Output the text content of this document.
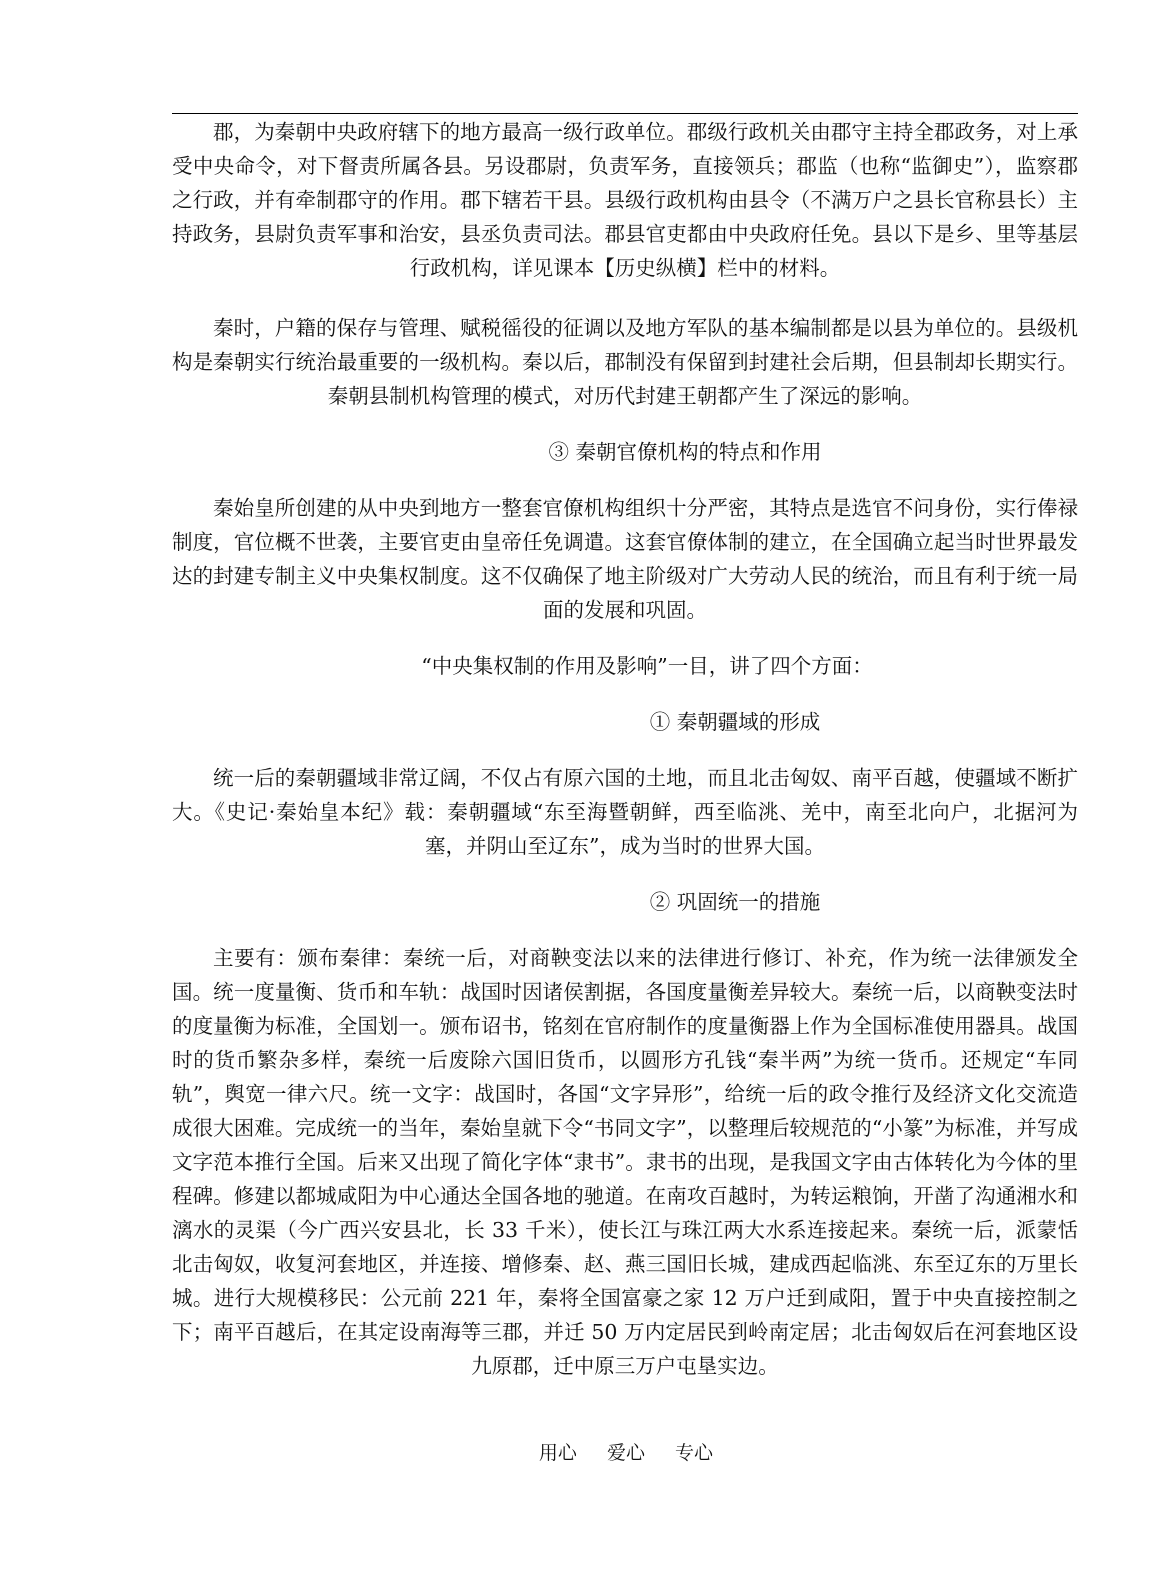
郡，为秦朝中央政府辖下的地方最高一级行政单位。郡级行政机关由郡守主持全郡政务，对上承受中央命令，对下督责所属各县。另设郡尉，负责军务，直接领兵；郡监（也称“监御史”），监察郡之行政，并有牵制郡守的作用。郡下辖若干县。县级行政机构由县令（不满万户之县长官称县长）主持政务，县尉负责军事和治安，县丞负责司法。郡县官吏都由中央政府任免。县以下是乡、里等基层行政机构，详见课本【历史纵横】栏中的材料。

秦时，户籍的保存与管理、赋税徭役的征调以及地方军队的基本编制都是以县为单位的。县级机构是秦朝实行统治最重要的一级机构。秦以后，郡制没有保留到封建社会后期，但县制却长期实行。秦朝县制机构管理的模式，对历代封建王朝都产生了深远的影响。

③ 秦朝官僚机构的特点和作用

秦始皇所创建的从中央到地方一整套官僚机构组织十分严密，其特点是选官不问身份，实行俸禄制度，官位概不世袭，主要官吏由皇帝任免调遣。这套官僚体制的建立，在全国确立起当时世界最发达的封建专制主义中央集权制度。这不仅确保了地主阶级对广大劳动人民的统治，而且有利于统一局面的发展和巩固。

“中央集权制的作用及影响”一目，讲了四个方面：

① 秦朝疆域的形成

统一后的秦朝疆域非常辽阔，不仅占有原六国的土地，而且北击匈奴、南平百越，使疆域不断扩大。《史记·秦始皇本纪》载：秦朝疆域“东至海暨朝鲜，西至临洮、羌中，南至北向户，北据河为塞，并阴山至辽东”，成为当时的世界大国。

② 巩固统一的措施

主要有：颁布秦律：秦统一后，对商鞅变法以来的法律进行修订、补充，作为统一法律颁发全国。统一度量衡、货币和车轨：战国时因诸侯割据，各国度量衡差异较大。秦统一后，以商鞅变法时的度量衡为标准，全国划一。颁布诏书，铭刻在官府制作的度量衡器上作为全国标准使用器具。战国时的货币繁杂多样，秦统一后废除六国旧货币，以圆形方孔钱“秦半两”为统一货币。还规定“车同轨”，舆宽一律六尺。统一文字：战国时，各国“文字异形”，给统一后的政令推行及经济文化交流造成很大困难。完成统一的当年，秦始皇就下令“书同文字”，以整理后较规范的“小篆”为标准，并写成文字范本推行全国。后来又出现了简化字体“隶书”。隶书的出现，是我国文字由古体转化为今体的里程碑。修建以都城咸阳为中心通达全国各地的驰道。在南攻百越时，为转运粮饷，开凿了沟通湘水和漓水的灵渠（今广西兴安县北，长 33 千米），使长江与珠江两大水系连接起来。秦统一后，派蒙恬北击匈奴，收复河套地区，并连接、增修秦、赵、燕三国旧长城，建成西起临洮、东至辽东的万里长城。进行大规模移民：公元前 221 年，秦将全国富豪之家 12 万户迁到咸阳，置于中央直接控制之下；南平百越后，在其定设南海等三郡，并迁 50 万内定居民到岭南定居；北击匈奴后在河套地区设九原郡，迁中原三万户屯垦实边。

用心 爱心 专心
